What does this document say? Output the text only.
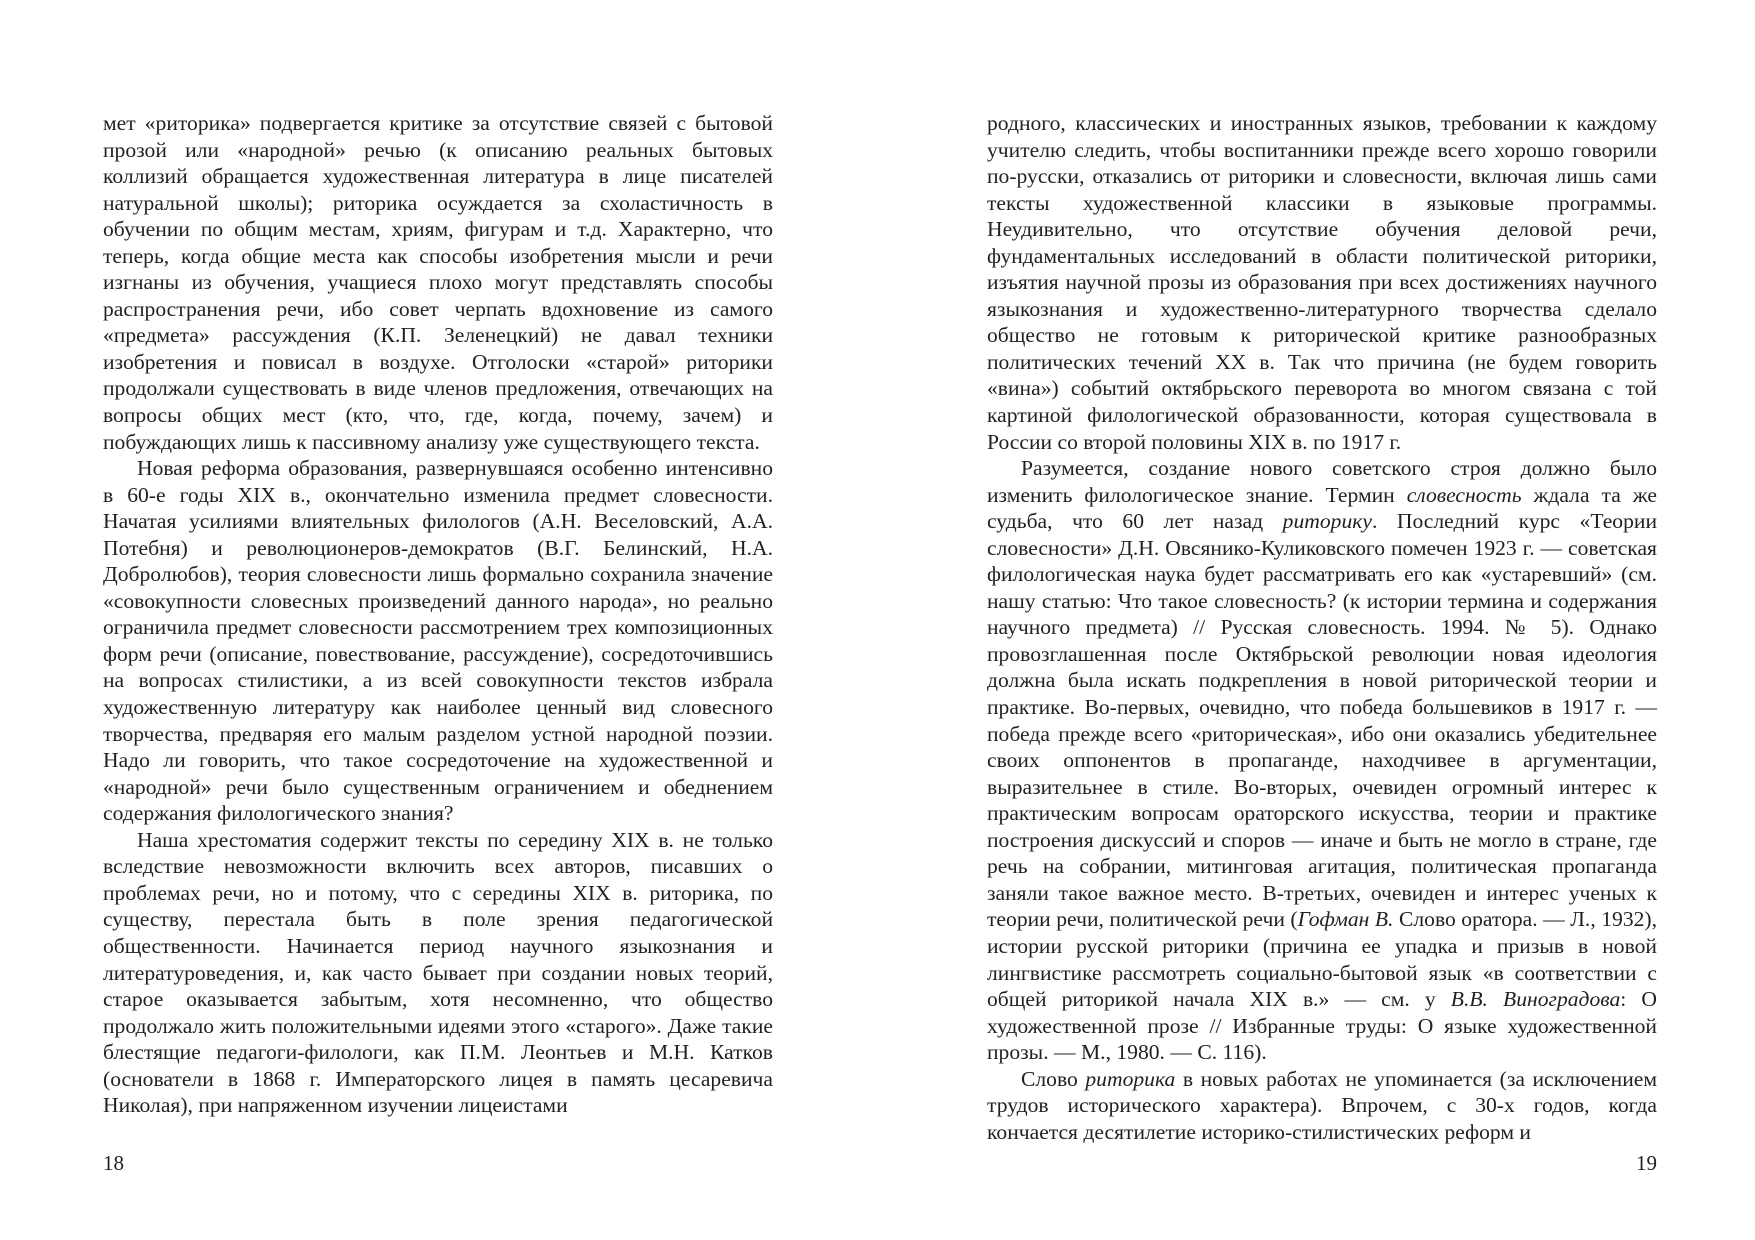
мет «риторика» подвергается критике за отсутствие связей с бытовой прозой или «народной» речью (к описанию реальных бытовых коллизий обращается художественная литература в лице писателей натуральной школы); риторика осуждается за схоластичность в обучении по общим местам, хриям, фигурам и т.д. Характерно, что теперь, когда общие места как способы изобретения мысли и речи изгнаны из обучения, учащиеся плохо могут представлять способы распространения речи, ибо совет черпать вдохновение из самого «предмета» рассуждения (К.П. Зеленецкий) не давал техники изобретения и повисал в воздухе. Отголоски «старой» риторики продолжали существовать в виде членов предложения, отвечающих на вопросы общих мест (кто, что, где, когда, почему, зачем) и побуждающих лишь к пассивному анализу уже существующего текста.

Новая реформа образования, развернувшаяся особенно интенсивно в 60-е годы XIX в., окончательно изменила предмет словесности. Начатая усилиями влиятельных филологов (А.Н. Веселовский, А.А. Потебня) и революционеров-демократов (В.Г. Белинский, Н.А. Добролюбов), теория словесности лишь формально сохранила значение «совокупности словесных произведений данного народа», но реально ограничила предмет словесности рассмотрением трех композиционных форм речи (описание, повествование, рассуждение), сосредоточившись на вопросах стилистики, а из всей совокупности текстов избрала художественную литературу как наиболее ценный вид словесного творчества, предваряя его малым разделом устной народной поэзии. Надо ли говорить, что такое сосредоточение на художественной и «народной» речи было существенным ограничением и обеднением содержания филологического знания?

Наша хрестоматия содержит тексты по середину XIX в. не только вследствие невозможности включить всех авторов, писавших о проблемах речи, но и потому, что с середины XIX в. риторика, по существу, перестала быть в поле зрения педагогической общественности. Начинается период научного языкознания и литературоведения, и, как часто бывает при создании новых теорий, старое оказывается забытым, хотя несомненно, что общество продолжало жить положительными идеями этого «старого». Даже такие блестящие педагоги-филологи, как П.М. Леонтьев и М.Н. Катков (основатели в 1868 г. Императорского лицея в память цесаревича Николая), при напряженном изучении лицеистами

18

родного, классических и иностранных языков, требовании к каждому учителю следить, чтобы воспитанники прежде всего хорошо говорили по-русски, отказались от риторики и словесности, включая лишь сами тексты художественной классики в языковые программы. Неудивительно, что отсутствие обучения деловой речи, фундаментальных исследований в области политической риторики, изъятия научной прозы из образования при всех достижениях научного языкознания и художественно-литературного творчества сделало общество не готовым к риторической критике разнообразных политических течений XX в. Так что причина (не будем говорить «вина») событий октябрьского переворота во многом связана с той картиной филологической образованности, которая существовала в России со второй половины XIX в. по 1917 г.

Разумеется, создание нового советского строя должно было изменить филологическое знание. Термин словесность ждала та же судьба, что 60 лет назад риторику. Последний курс «Теории словесности» Д.Н. Овсянико-Куликовского помечен 1923 г. — советская филологическая наука будет рассматривать его как «устаревший» (см. нашу статью: Что такое словесность? (к истории термина и содержания научного предмета) // Русская словесность. 1994. № 5). Однако провозглашенная после Октябрьской революции новая идеология должна была искать подкрепления в новой риторической теории и практике. Во-первых, очевидно, что победа большевиков в 1917 г. — победа прежде всего «риторическая», ибо они оказались убедительнее своих оппонентов в пропаганде, находчивее в аргументации, выразительнее в стиле. Во-вторых, очевиден огромный интерес к практическим вопросам ораторского искусства, теории и практике построения дискуссий и споров — иначе и быть не могло в стране, где речь на собрании, митинговая агитация, политическая пропаганда заняли такое важное место. В-третьих, очевиден и интерес ученых к теории речи, политической речи (Гофман В. Слово оратора. — Л., 1932), истории русской риторики (причина ее упадка и призыв в новой лингвистике рассмотреть социально-бытовой язык «в соответствии с общей риторикой начала XIX в.» — см. у В.В. Виноградова: О художественной прозе // Избранные труды: О языке художественной прозы. — М., 1980. — С. 116).

Слово риторика в новых работах не упоминается (за исключением трудов исторического характера). Впрочем, с 30-х годов, когда кончается десятилетие историко-стилистических реформ и

19
